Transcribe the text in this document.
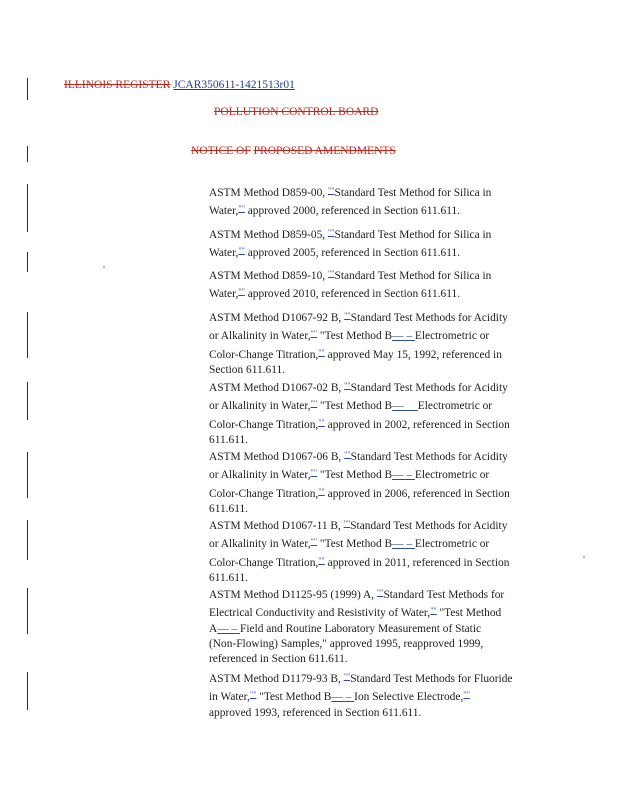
ILLINOIS REGISTER JCAR350611-1421513r01
POLLUTION CONTROL BOARD
NOTICE OF PROPOSED AMENDMENTS
ASTM Method D859-00, ""Standard Test Method for Silica in
Water,"" approved 2000, referenced in Section 611.611.
ASTM Method D859-05, ""Standard Test Method for Silica in
Water,"" approved 2005, referenced in Section 611.611.
ASTM Method D859-10, ""Standard Test Method for Silica in
Water,"" approved 2010, referenced in Section 611.611.
ASTM Method D1067-92 B, ""Standard Test Methods for Acidity
or Alkalinity in Water,"" "Test Method B— – Electrometric or
Color-Change Titration,"" approved May 15, 1992, referenced in
Section 611.611.
ASTM Method D1067-02 B, ""Standard Test Methods for Acidity
or Alkalinity in Water,"" "Test Method B— __Electrometric or
Color-Change Titration,"" approved in 2002, referenced in Section
611.611.
ASTM Method D1067-06 B, ""Standard Test Methods for Acidity
or Alkalinity in Water,"" "Test Method B— – Electrometric or
Color-Change Titration,"" approved in 2006, referenced in Section
611.611.
ASTM Method D1067-11 B, ""Standard Test Methods for Acidity
or Alkalinity in Water,"" "Test Method B— – Electrometric or
Color-Change Titration,"" approved in 2011, referenced in Section
611.611.
ASTM Method D1125-95 (1999) A, ""Standard Test Methods for
Electrical Conductivity and Resistivity of Water,"" "Test Method
A— – Field and Routine Laboratory Measurement of Static
(Non-Flowing) Samples," approved 1995, reapproved 1999,
referenced in Section 611.611.
ASTM Method D1179-93 B, ""Standard Test Methods for Fluoride
in Water,"" "Test Method B— – Ion Selective Electrode,""
approved 1993, referenced in Section 611.611.
